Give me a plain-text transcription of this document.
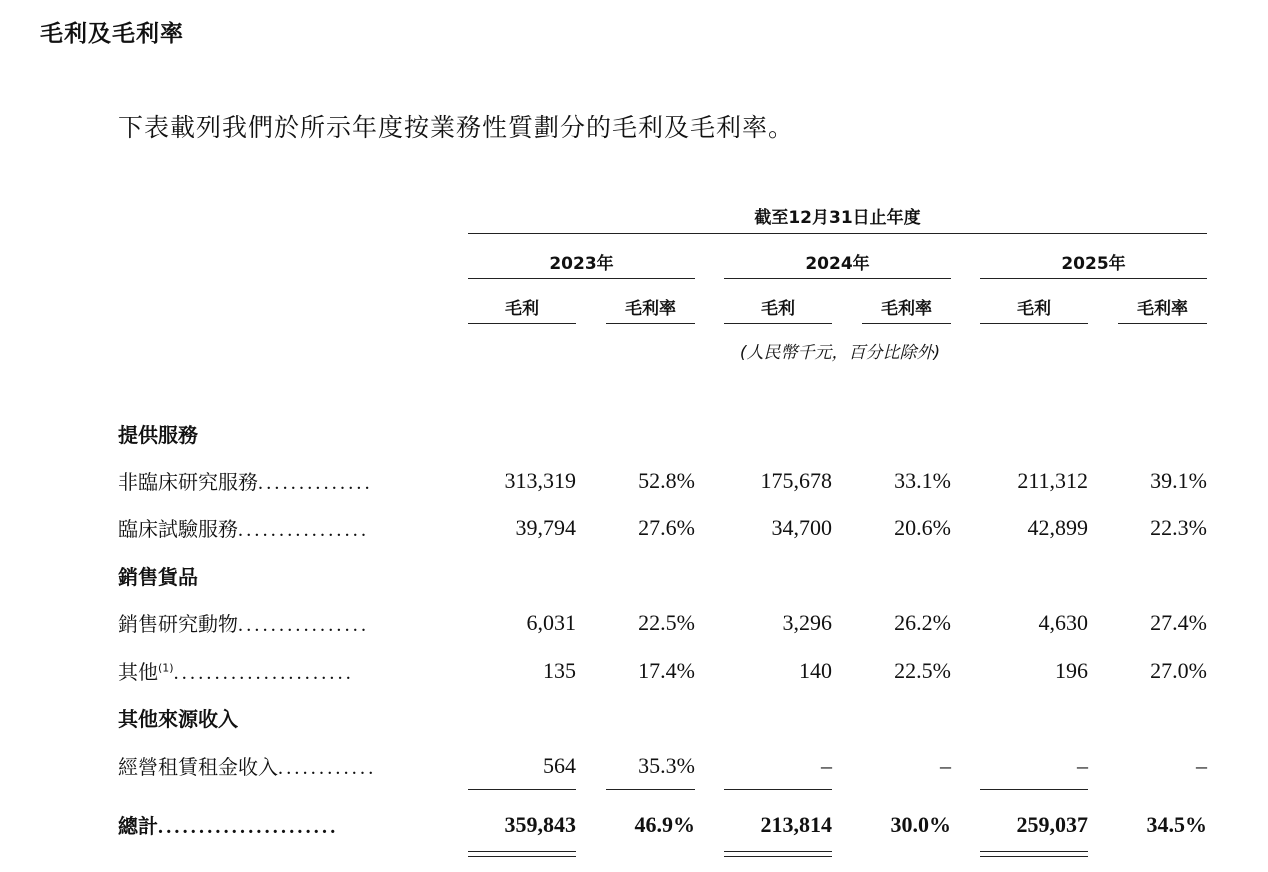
毛利及毛利率
下表載列我們於所示年度按業務性質劃分的毛利及毛利率。
截至12月31日止年度
2023年
毛利	毛利率
2024年
毛利	毛利率
2025年
毛利	毛利率
(人民幣千元，百分比除外)
提供服務
非臨床研究服務..............	313,319	52.8%	175,678	33.1%	211,312	39.1%
臨床試驗服務................	39,794	27.6%	34,700	20.6%	42,899	22.3%
銷售貨品
銷售研究動物................	6,031	22.5%	3,296	26.2%	4,630	27.4%
其他$^{(1)}$......................	135	17.4%	140	22.5%	196	27.0%
其他來源收入
經營租賃租金收入............	564	35.3%	–	–	–	–
總計......................	359,843	46.9%	213,814	30.0%	259,037	34.5%
